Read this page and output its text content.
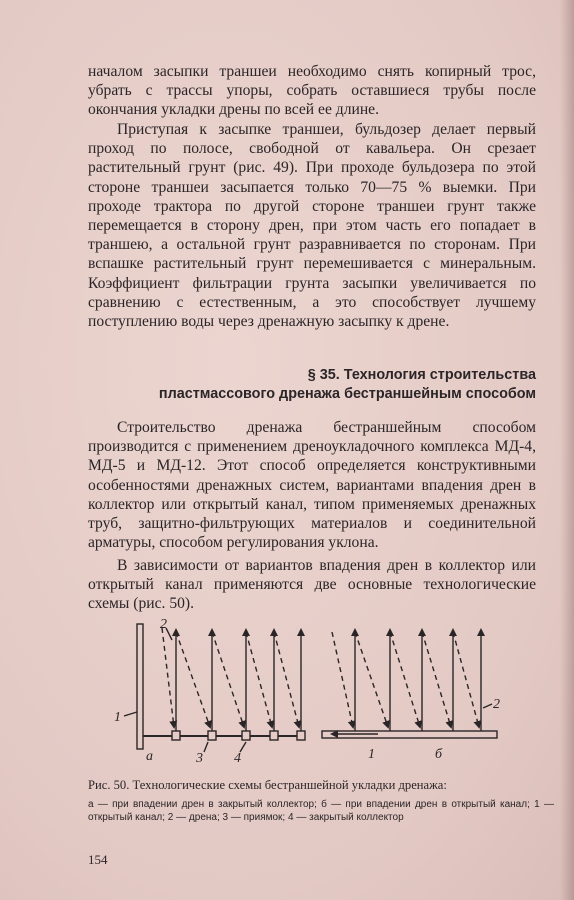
началом засыпки траншеи необходимо снять копирный трос, убрать с трассы упоры, собрать оставшиеся трубы после окончания укладки дрены по всей ее длине.

Приступая к засыпке траншеи, бульдозер делает первый проход по полосе, свободной от кавальера. Он срезает растительный грунт (рис. 49). При проходе бульдозера по этой стороне траншеи засыпается только 70—75 % выемки. При проходе трактора по другой стороне траншеи грунт также перемещается в сторону дрен, при этом часть его попадает в траншею, а остальной грунт разравнивается по сторонам. При вспашке растительный грунт перемешивается с минеральным. Коэффициент фильтрации грунта засыпки увеличивается по сравнению с естественным, а это способствует лучшему поступлению воды через дренажную засыпку к дрене.

§ 35. Технология строительства

пластмассового дренажа бестраншейным способом

Строительство дренажа бестраншейным способом производится с применением дреноукладочного комплекса МД-4, МД-5 и МД-12. Этот способ определяется конструктивными особенностями дренажных систем, вариантами впадения дрен в коллектор или открытый канал, типом применяемых дренажных труб, защитно-фильтрующих материалов и соединительной арматуры, способом регулирования уклона.

В зависимости от вариантов впадения дрен в коллектор или открытый канал применяются две основные технологические схемы (рис. 50).

1
2
а	3 4
2
1	б

Рис. 50. Технологические схемы бестраншейной укладки дренажа:

а — при впадении дрен в закрытый коллектор; б — при впадении дрен в открытый канал; 1 — открытый канал; 2 — дрена; 3 — приямок; 4 — закрытый коллектор

154
